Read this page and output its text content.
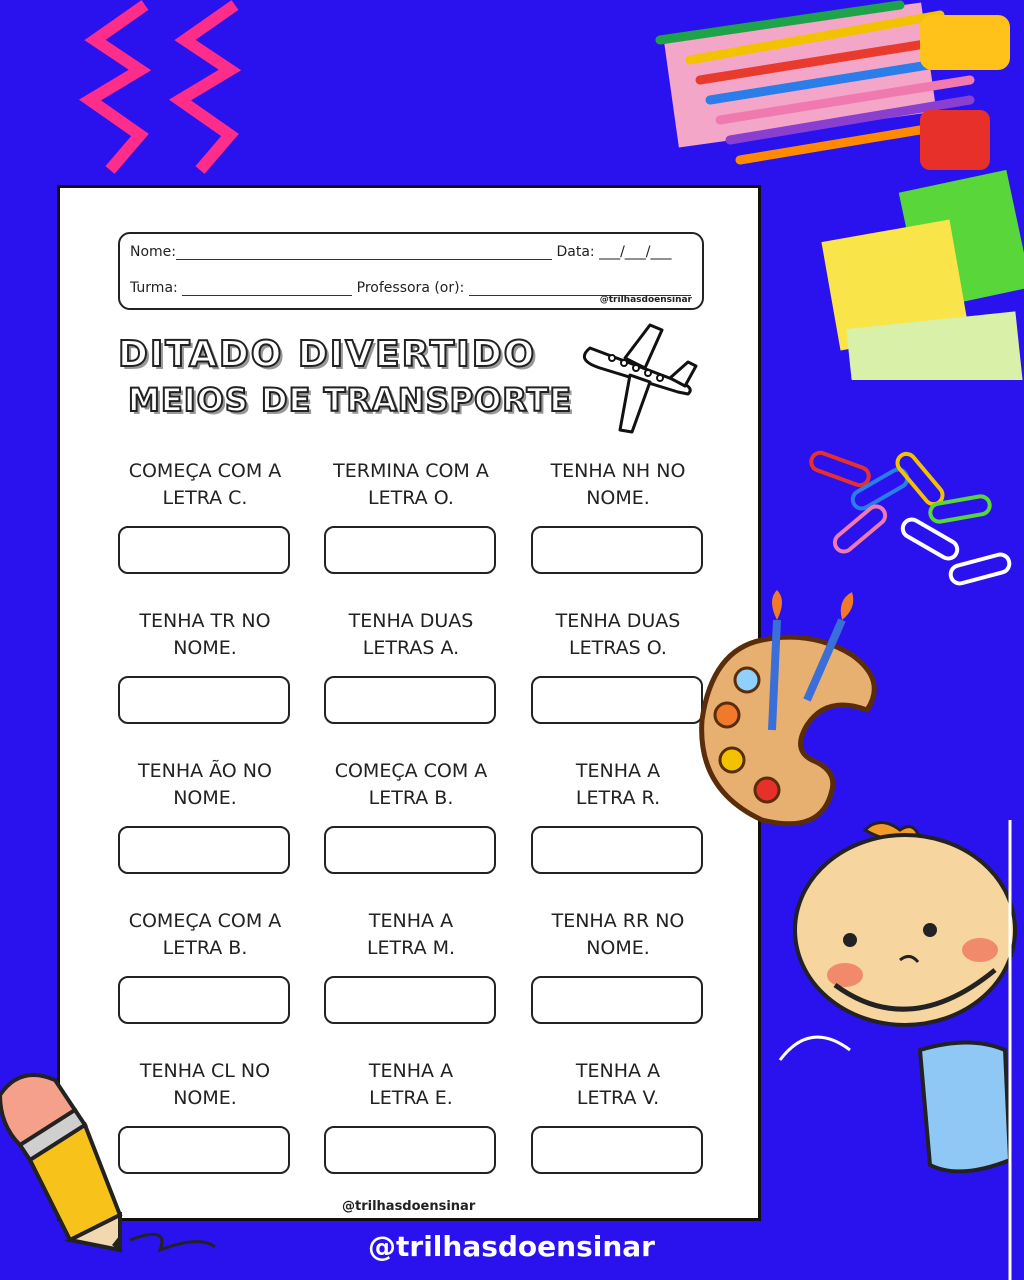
Nome:	Data: ___/___/___
Turma:	Professora (or):
@trilhasdoensinar
DITADO DIVERTIDO
MEIOS DE TRANSPORTE
COMEÇA COM A
LETRA C.
TERMINA COM A
LETRA O.
TENHA NH NO
NOME.
TENHA TR NO
NOME.
TENHA DUAS
LETRAS A.
TENHA DUAS
LETRAS O.
TENHA ÃO NO
NOME.
COMEÇA COM A
LETRA B.
TENHA A
LETRA R.
COMEÇA COM A
LETRA B.
TENHA A
LETRA M.
TENHA RR NO
NOME.
TENHA CL NO
NOME.
TENHA A
LETRA E.
TENHA A
LETRA V.
@trilhasdoensinar
@trilhasdoensinar
